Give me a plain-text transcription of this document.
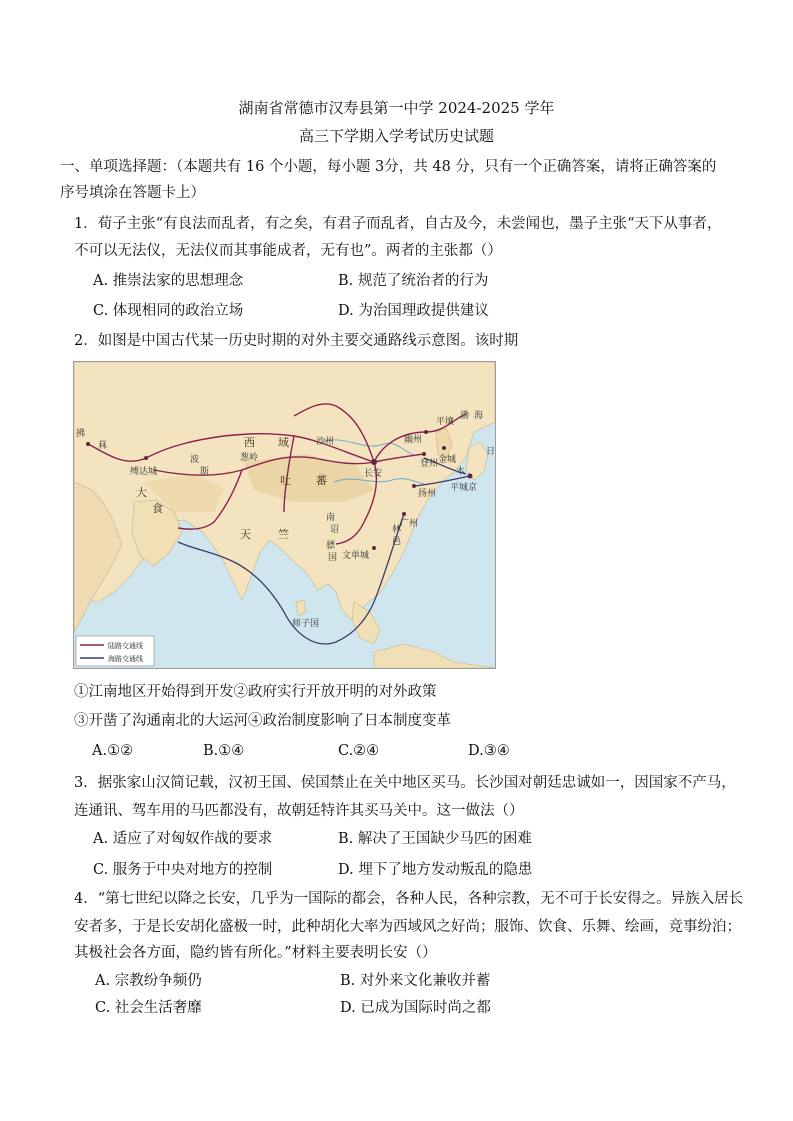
湖南省常德市汉寿县第一中学 2024-2025 学年
高三下学期入学考试历史试题
一、单项选择题：（本题共有 16 个小题，每小题 3分，共 48 分，只有一个正确答案，请将正确答案的
序号填涂在答题卡上）
1．荀子主张“有良法而乱者，有之矣，有君子而乱者，自古及今，未尝闻也，墨子主张“天下从事者，
不可以无法仪，无法仪而其事能成者，无有也”。两者的主张都（）
A. 推崇法家的思想理念	B. 规范了统治者的行为
C. 体现相同的政治立场	D. 为治国理政提供建议
2．如图是中国古代某一历史时期的对外主要交通路线示意图。该时期
拂
菻
缚达城
波
斯
大
食
西 域	沙州
葱岭
吐 蕃
天 竺
南
诏	林
邑
骠
国 文单城
长安
幽州
登州
扬州
广州
渤 海
金城
日
本
平城京
平壤
师子国
陆路交通线
海路交通线
①江南地区开始得到开发②政府实行开放开明的对外政策
③开凿了沟通南北的大运河④政治制度影响了日本制度变革
A.①②	B.①④	C.②④	D.③④
3．据张家山汉简记载，汉初王国、侯国禁止在关中地区买马。长沙国对朝廷忠诚如一，因国家不产马，
连通讯、驾车用的马匹都没有，故朝廷特许其买马关中。这一做法（）
A. 适应了对匈奴作战的要求	B. 解决了王国缺少马匹的困难
C. 服务于中央对地方的控制	D. 埋下了地方发动叛乱的隐患
4．“第七世纪以降之长安，几乎为一国际的都会，各种人民，各种宗教，无不可于长安得之。异族入居长
安者多，于是长安胡化盛极一时，此种胡化大率为西域风之好尚；服饰、饮食、乐舞、绘画，竞事纷泊；
其极社会各方面，隐约皆有所化。”材料主要表明长安（）
A. 宗教纷争频仍	B. 对外来文化兼收并蓄
C. 社会生活奢靡	D. 已成为国际时尚之都
